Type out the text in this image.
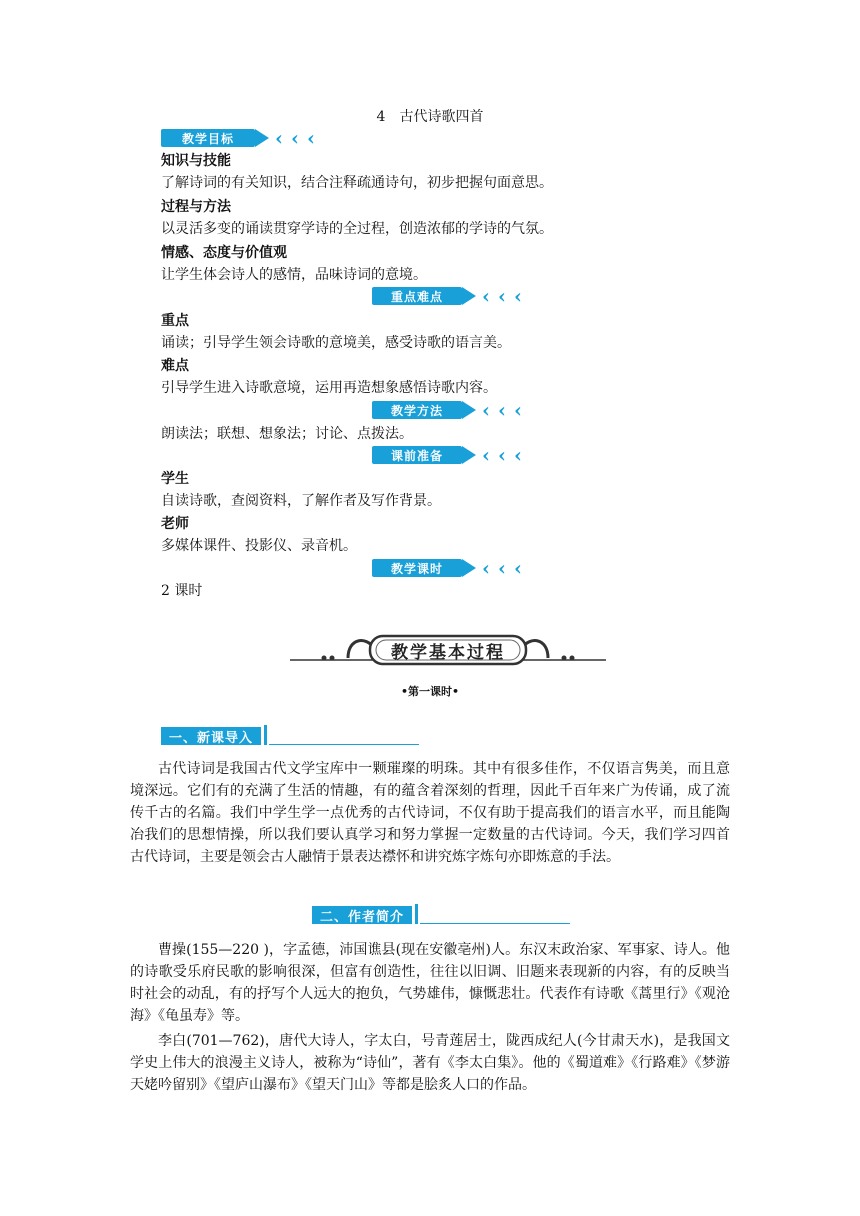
4　古代诗歌四首
教学目标	‹ ‹ ‹
知识与技能
了解诗词的有关知识，结合注释疏通诗句，初步把握句面意思。
过程与方法
以灵活多变的诵读贯穿学诗的全过程，创造浓郁的学诗的气氛。
情感、态度与价值观
让学生体会诗人的感情，品味诗词的意境。
重点难点	‹ ‹ ‹
重点
诵读；引导学生领会诗歌的意境美，感受诗歌的语言美。
难点
引导学生进入诗歌意境，运用再造想象感悟诗歌内容。
教学方法	‹ ‹ ‹
朗读法；联想、想象法；讨论、点拨法。
课前准备	‹ ‹ ‹
学生
自读诗歌，查阅资料，了解作者及写作背景。
老师
多媒体课件、投影仪、录音机。
教学课时	‹ ‹ ‹
2 课时
教学基本过程
•第一课时•
一、新课导入
古代诗词是我国古代文学宝库中一颗璀璨的明珠。其中有很多佳作，不仅语言隽美，而且意境深远。它们有的充满了生活的情趣，有的蕴含着深刻的哲理，因此千百年来广为传诵，成了流传千古的名篇。我们中学生学一点优秀的古代诗词，不仅有助于提高我们的语言水平，而且能陶冶我们的思想情操，所以我们要认真学习和努力掌握一定数量的古代诗词。今天，我们学习四首古代诗词，主要是领会古人融情于景表达襟怀和讲究炼字炼句亦即炼意的手法。
二、作者简介
曹操(155—220 )，字孟德，沛国谯县(现在安徽亳州)人。东汉末政治家、军事家、诗人。他的诗歌受乐府民歌的影响很深，但富有创造性，往往以旧调、旧题来表现新的内容，有的反映当时社会的动乱，有的抒写个人远大的抱负，气势雄伟，慷慨悲壮。代表作有诗歌《蒿里行》《观沧海》《龟虽寿》等。
李白(701—762)，唐代大诗人，字太白，号青莲居士，陇西成纪人(今甘肃天水)，是我国文学史上伟大的浪漫主义诗人，被称为“诗仙”，著有《李太白集》。他的《蜀道难》《行路难》《梦游天姥吟留别》《望庐山瀑布》《望天门山》等都是脍炙人口的作品。
